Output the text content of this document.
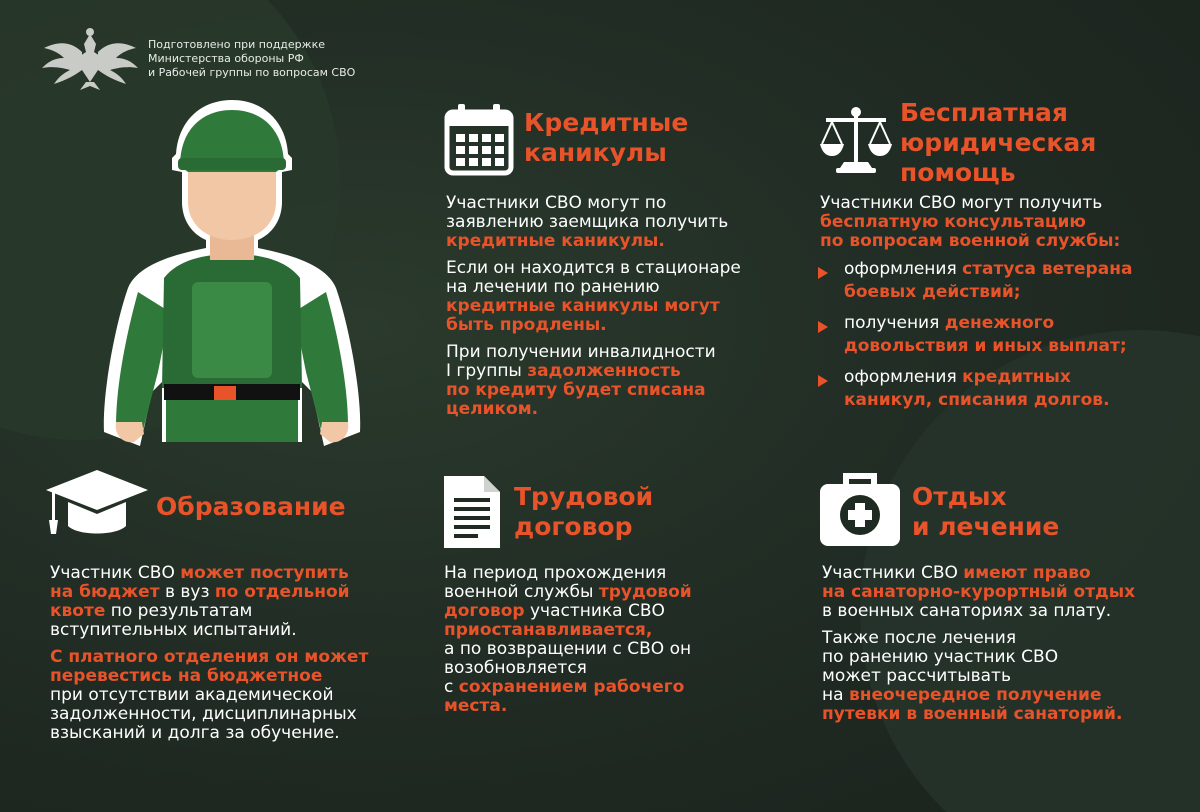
Подготовлено при поддержке
Министерства обороны РФ
и Рабочей группы по вопросам СВО
Кредитные
каникулы

Участники СВО могут по
заявлению заемщика получить
кредитные каникулы.

Если он находится в стационаре
на лечении по ранению
кредитные каникулы могут
быть продлены.

При получении инвалидности
I группы задолженность
по кредиту будет списана
целиком.

Бесплатная
юридическая
помощь

Участники СВО могут получить
бесплатную консультацию
по вопросам военной службы:

оформления статуса ветерана
боевых действий;
получения денежного
довольствия и иных выплат;
оформления кредитных
каникул, списания долгов.
Образование

Участник СВО может поступить
на бюджет в вуз по отдельной
квоте по результатам
вступительных испытаний.

С платного отделения он может
перевестись на бюджетное
при отсутствии академической
задолженности, дисциплинарных
взысканий и долга за обучение.

Трудовой
договор

На период прохождения
военной службы трудовой
договор участника СВО
приостанавливается,
а по возвращении с СВО он
возобновляется
с сохранением рабочего
места.

Отдых
и лечение

Участники СВО имеют право
на санаторно-курортный отдых
в военных санаториях за плату.

Также после лечения
по ранению участник СВО
может рассчитывать
на внеочередное получение
путевки в военный санаторий.
